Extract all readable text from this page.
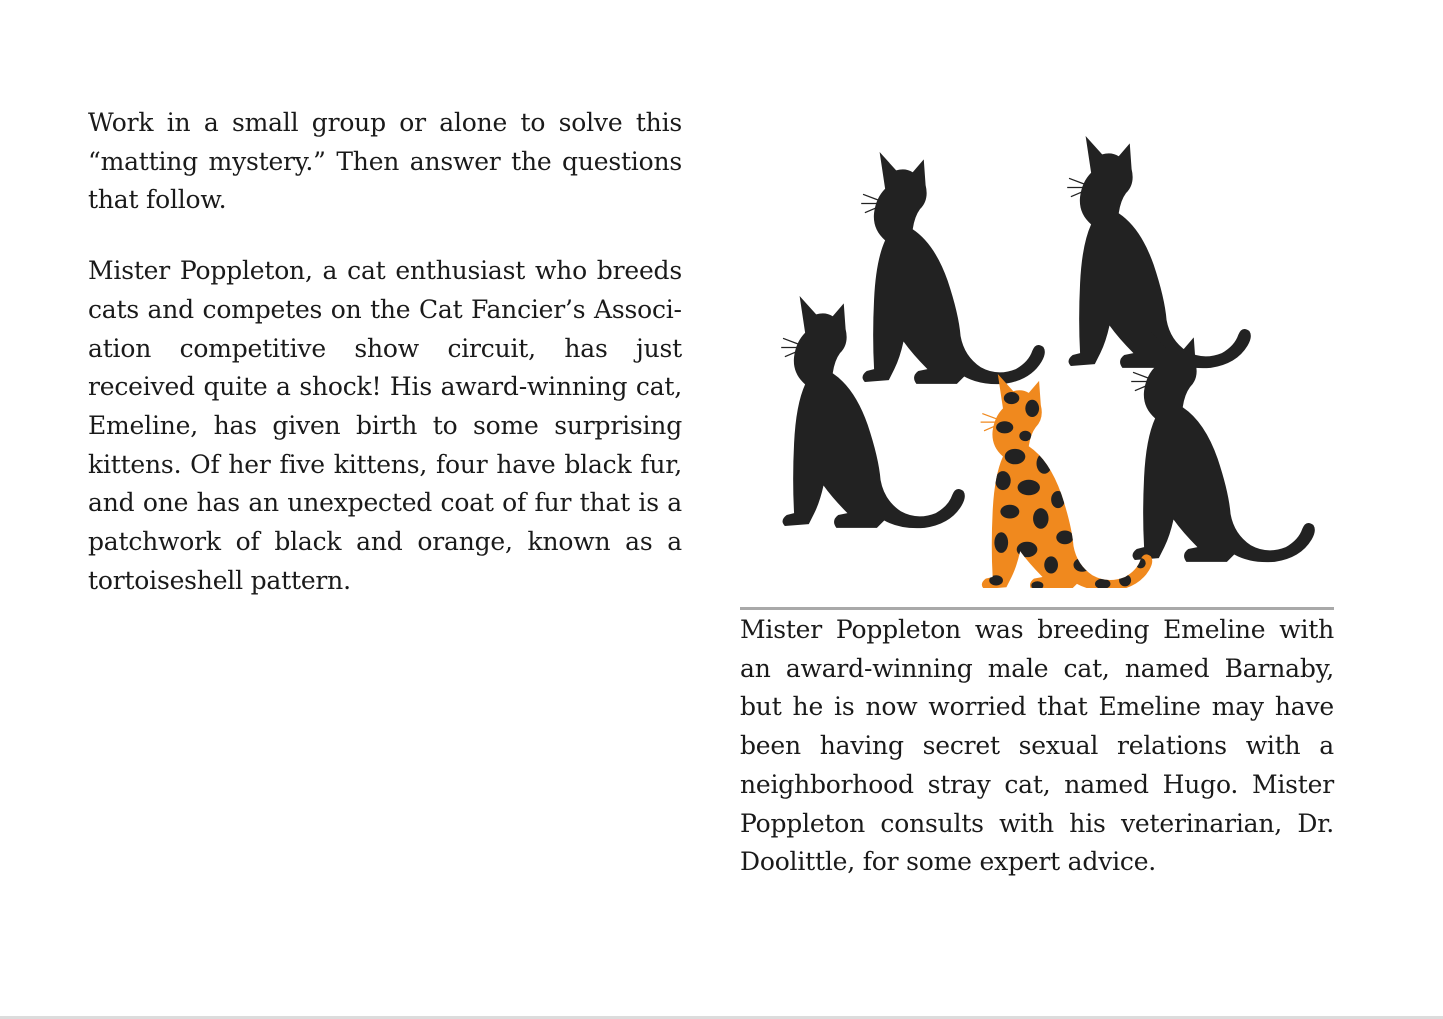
Work in a small group or alone to solve this “matting mystery.” Then answer the questions that follow.

Mister Poppleton, a cat enthusiast who breeds cats and competes on the Cat Fancier’s Association competitive show circuit, has just received quite a shock! His award-winning cat, Emeline, has given birth to some surprising kittens. Of her five kittens, four have black fur, and one has an unexpected coat of fur that is a patchwork of black and orange, known as a tortoiseshell pattern.

Mister Poppleton was breeding Emeline with an award-winning male cat, named Barnaby, but he is now worried that Emeline may have been having secret sexual relations with a neighborhood stray cat, named Hugo. Mister Poppleton consults with his veterinarian, Dr. Doolittle, for some expert advice.
